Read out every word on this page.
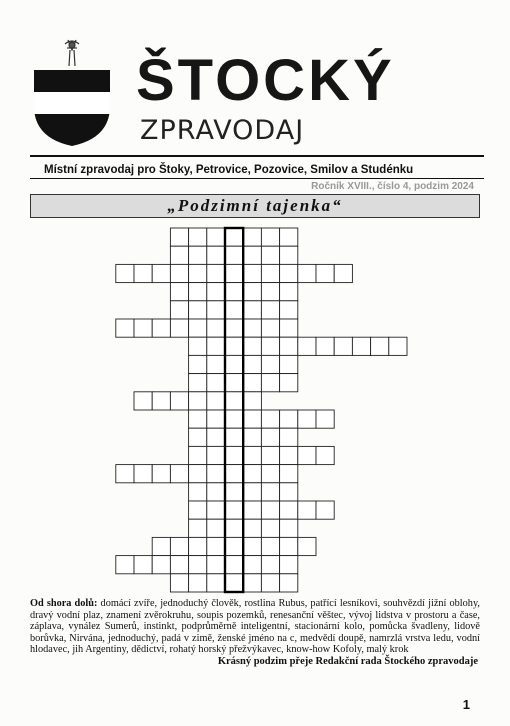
ŠTOCKÝ
ZPRAVODAJ
Místní zpravodaj pro Štoky, Petrovice, Pozovice, Smilov a Studénku
Ročník XVIII., číslo 4, podzim 2024
„Podzimní tajenka“
Od shora dolů: domácí zvíře, jednoduchý člověk, rostlina Rubus, patřící lesníkovi, souhvězdí jižní oblohy, dravý vodní plaz, znamení zvěrokruhu, soupis pozemků, renesanční věštec, vývoj lidstva v prostoru a čase, záplava, vynález Sumerů, instinkt, podprůměrně inteligentní, stacionární kolo, pomůcka švadleny, lidově borůvka, Nirvána, jednoduchý, padá v zimě, ženské jméno na c, medvědí doupě, namrzlá vrstva ledu, vodní hlodavec, jih Argentiny, dědictví, rohatý horský přežvýkavec, know-how Kofoly, malý krok
Krásný podzim přeje Redakční rada Štockého zpravodaje
1
